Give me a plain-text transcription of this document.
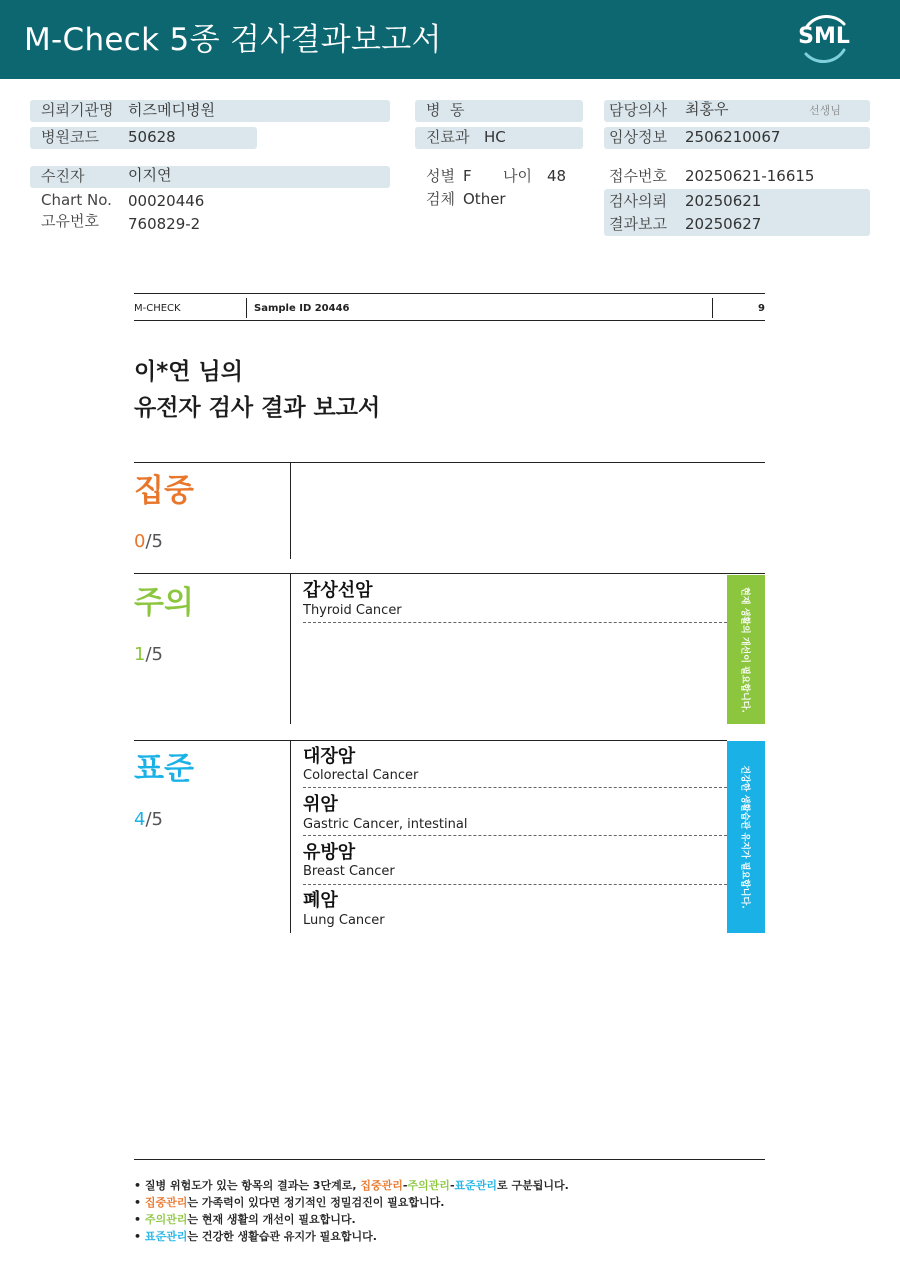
M-Check 5종 검사결과보고서	SML
의뢰기관명 히즈메디병원
병원코드 50628
병  동
진료과 HC
담당의사 최홍우	선생님
임상정보 2506210067
수진자	이지연
Chart No. 00020446
고유번호 760829-2
성별 F 나이 48
검체 Other
접수번호 20250621-16615
검사의뢰 20250621
결과보고 20250627
M-CHECK	Sample ID 20446	9
이*연 님의
유전자 검사 결과 보고서
집중
0/5
주의
1/5
갑상선암
Thyroid Cancer	현재 생활의 개선이 필요합니다.
표준
4/5
대장암
Colorectal Cancer
위암
Gastric Cancer, intestinal
유방암
Breast Cancer
폐암
Lung Cancer
건강한 생활습관 유지가 필요합니다.
• 질병 위험도가 있는 항목의 결과는 3단계로, 집중관리-주의관리-표준관리로 구분됩니다.
• 집중관리는 가족력이 있다면 정기적인 정밀검진이 필요합니다.
• 주의관리는 현재 생활의 개선이 필요합니다.
• 표준관리는 건강한 생활습관 유지가 필요합니다.
